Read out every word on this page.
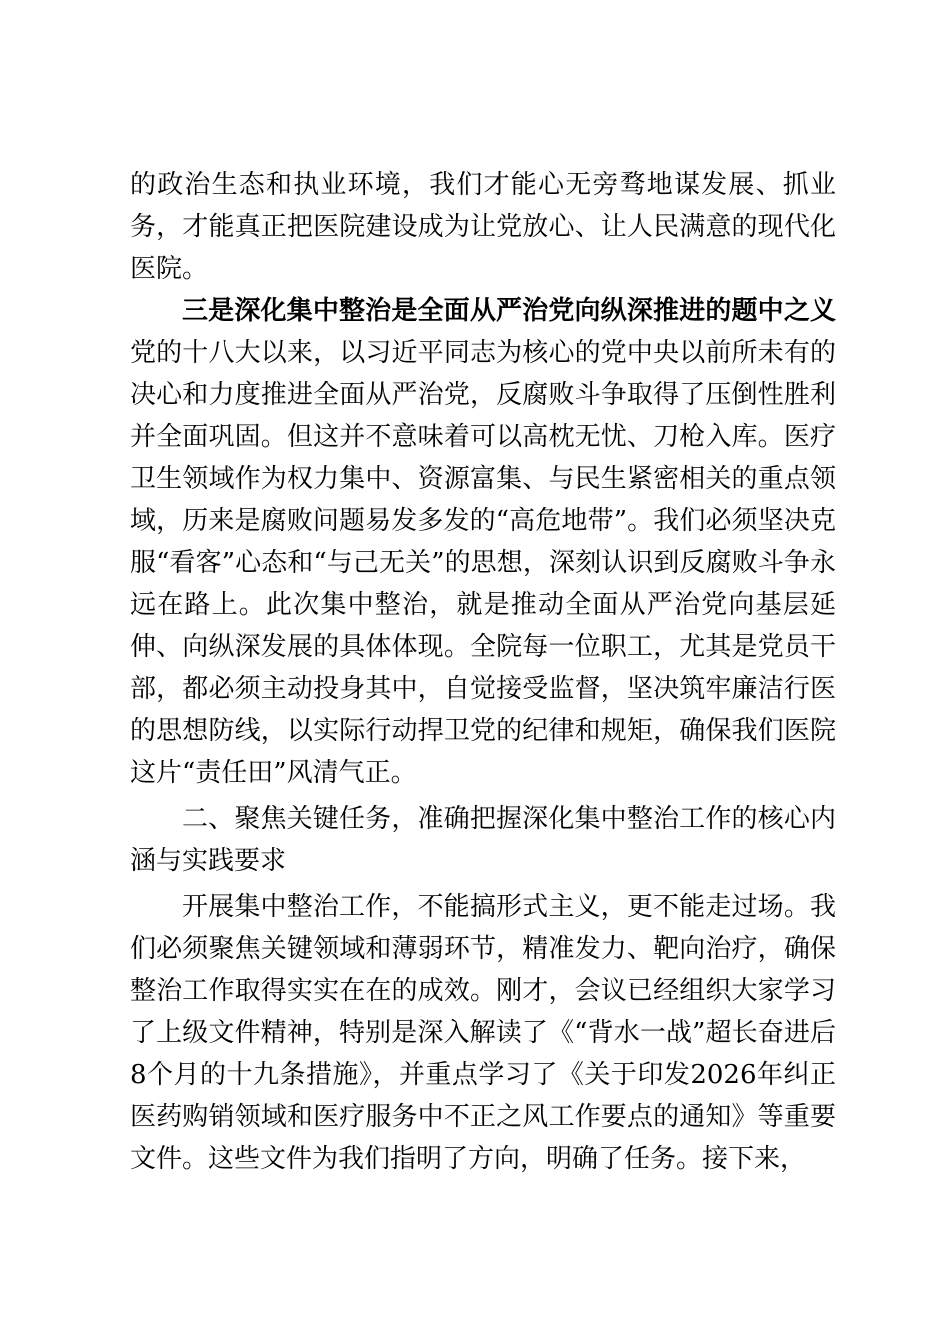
的政治生态和执业环境，我们才能心无旁骛地谋发展、抓业务，才能真正把医院建设成为让党放心、让人民满意的现代化医院。

三是深化集中整治是全面从严治党向纵深推进的题中之义党的十八大以来，以习近平同志为核心的党中央以前所未有的决心和力度推进全面从严治党，反腐败斗争取得了压倒性胜利并全面巩固。但这并不意味着可以高枕无忧、刀枪入库。医疗卫生领域作为权力集中、资源富集、与民生紧密相关的重点领域，历来是腐败问题易发多发的“高危地带”。我们必须坚决克服“看客”心态和“与己无关”的思想，深刻认识到反腐败斗争永远在路上。此次集中整治，就是推动全面从严治党向基层延伸、向纵深发展的具体体现。全院每一位职工，尤其是党员干部，都必须主动投身其中，自觉接受监督，坚决筑牢廉洁行医的思想防线，以实际行动捍卫党的纪律和规矩，确保我们医院这片“责任田”风清气正。

二、聚焦关键任务，准确把握深化集中整治工作的核心内涵与实践要求

开展集中整治工作，不能搞形式主义，更不能走过场。我们必须聚焦关键领域和薄弱环节，精准发力、靶向治疗，确保整治工作取得实实在在的成效。刚才，会议已经组织大家学习了上级文件精神，特别是深入解读了《“背水一战”超长奋进后8个月的十九条措施》，并重点学习了《关于印发2026年纠正医药购销领域和医疗服务中不正之风工作要点的通知》等重要文件。这些文件为我们指明了方向，明确了任务。接下来，
